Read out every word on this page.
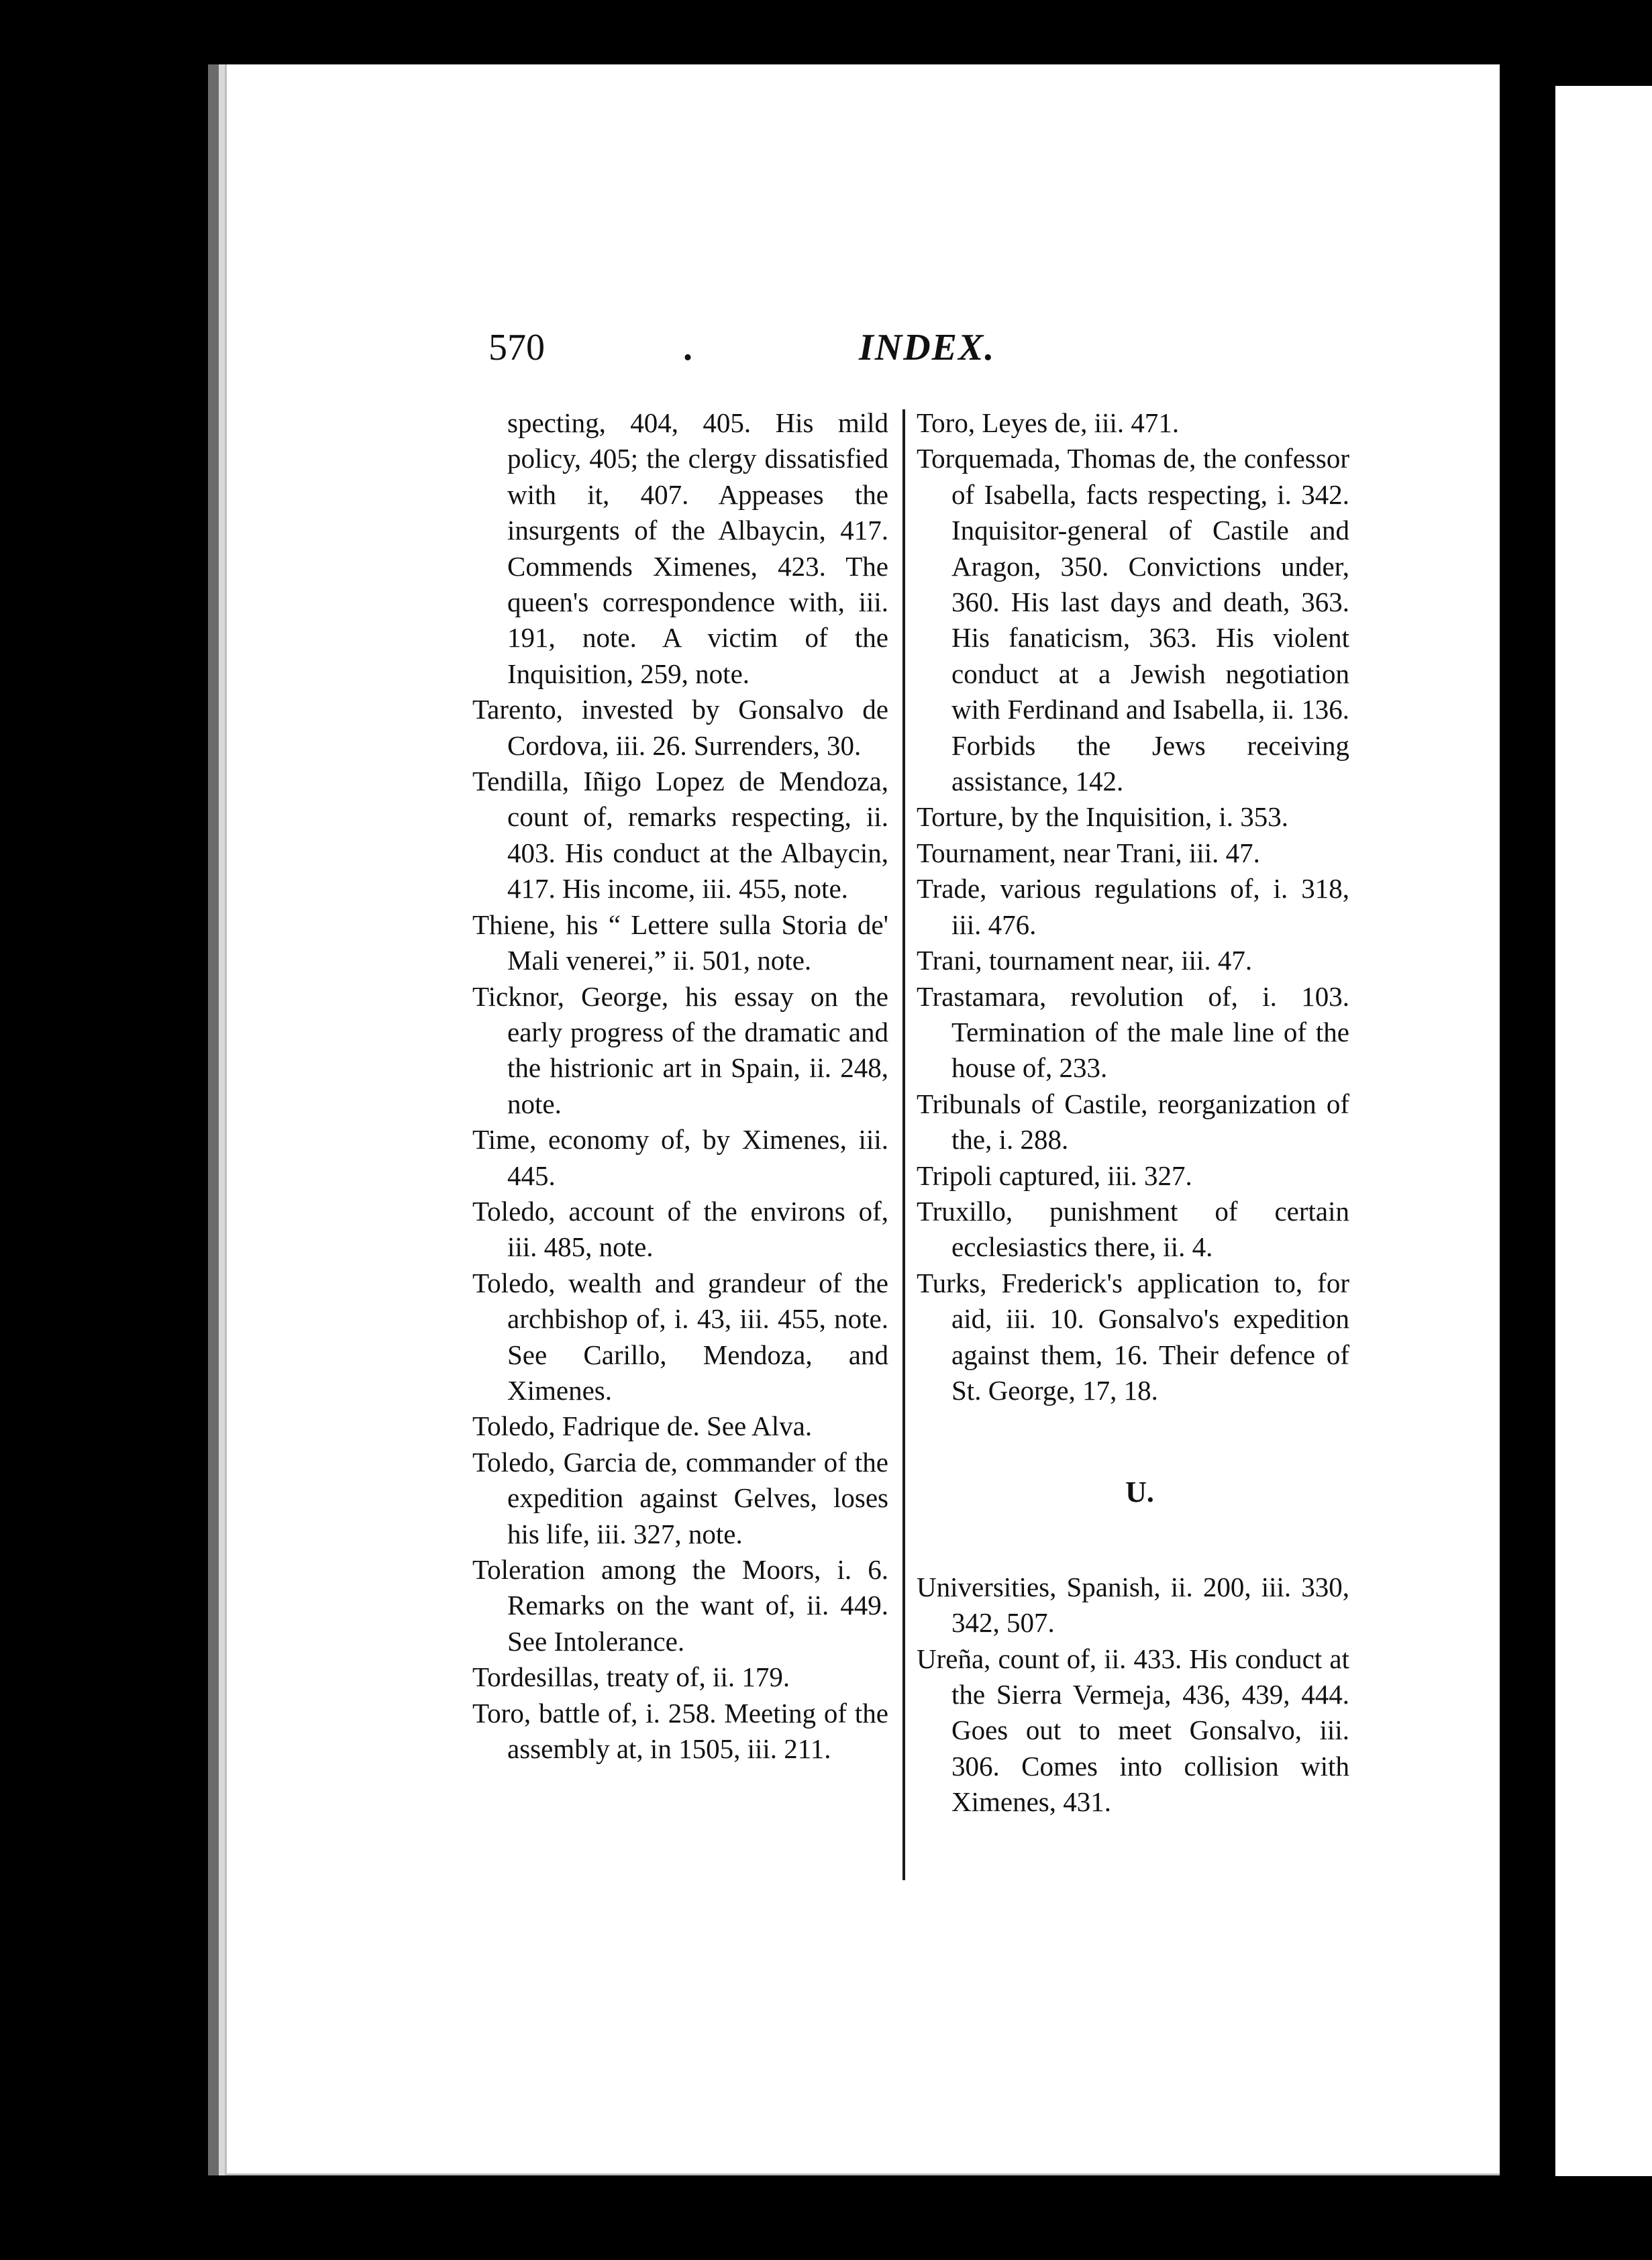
570	.	INDEX.

specting, 404, 405. His mild policy, 405; the clergy dissatisfied with it, 407. Appeases the insurgents of the Albaycin, 417. Commends Ximenes, 423. The queen's correspondence with, iii. 191, note. A victim of the Inquisition, 259, note.

Tarento, invested by Gonsalvo de Cordova, iii. 26. Surrenders, 30.

Tendilla, Iñigo Lopez de Mendoza, count of, remarks respecting, ii. 403. His conduct at the Albaycin, 417. His income, iii. 455, note.

Thiene, his “ Lettere sulla Storia de' Mali venerei,” ii. 501, note.

Ticknor, George, his essay on the early progress of the dramatic and the histrionic art in Spain, ii. 248, note.

Time, economy of, by Ximenes, iii. 445.

Toledo, account of the environs of, iii. 485, note.

Toledo, wealth and grandeur of the archbishop of, i. 43, iii. 455, note. See Carillo, Mendoza, and Ximenes.

Toledo, Fadrique de. See Alva.

Toledo, Garcia de, commander of the expedition against Gelves, loses his life, iii. 327, note.

Toleration among the Moors, i. 6. Remarks on the want of, ii. 449. See Intolerance.

Tordesillas, treaty of, ii. 179.

Toro, battle of, i. 258. Meeting of the assembly at, in 1505, iii. 211.

Toro, Leyes de, iii. 471.

Torquemada, Thomas de, the confessor of Isabella, facts respecting, i. 342. Inquisitor-general of Castile and Aragon, 350. Convictions under, 360. His last days and death, 363. His fanaticism, 363. His violent conduct at a Jewish negotiation with Ferdinand and Isabella, ii. 136. Forbids the Jews receiving assistance, 142.

Torture, by the Inquisition, i. 353.

Tournament, near Trani, iii. 47.

Trade, various regulations of, i. 318, iii. 476.

Trani, tournament near, iii. 47.

Trastamara, revolution of, i. 103. Termination of the male line of the house of, 233.

Tribunals of Castile, reorganization of the, i. 288.

Tripoli captured, iii. 327.

Truxillo, punishment of certain ecclesiastics there, ii. 4.

Turks, Frederick's application to, for aid, iii. 10. Gonsalvo's expedition against them, 16. Their defence of St. George, 17, 18.

U.

Universities, Spanish, ii. 200, iii. 330, 342, 507.

Ureña, count of, ii. 433. His conduct at the Sierra Vermeja, 436, 439, 444. Goes out to meet Gonsalvo, iii. 306. Comes into collision with Ximenes, 431.
